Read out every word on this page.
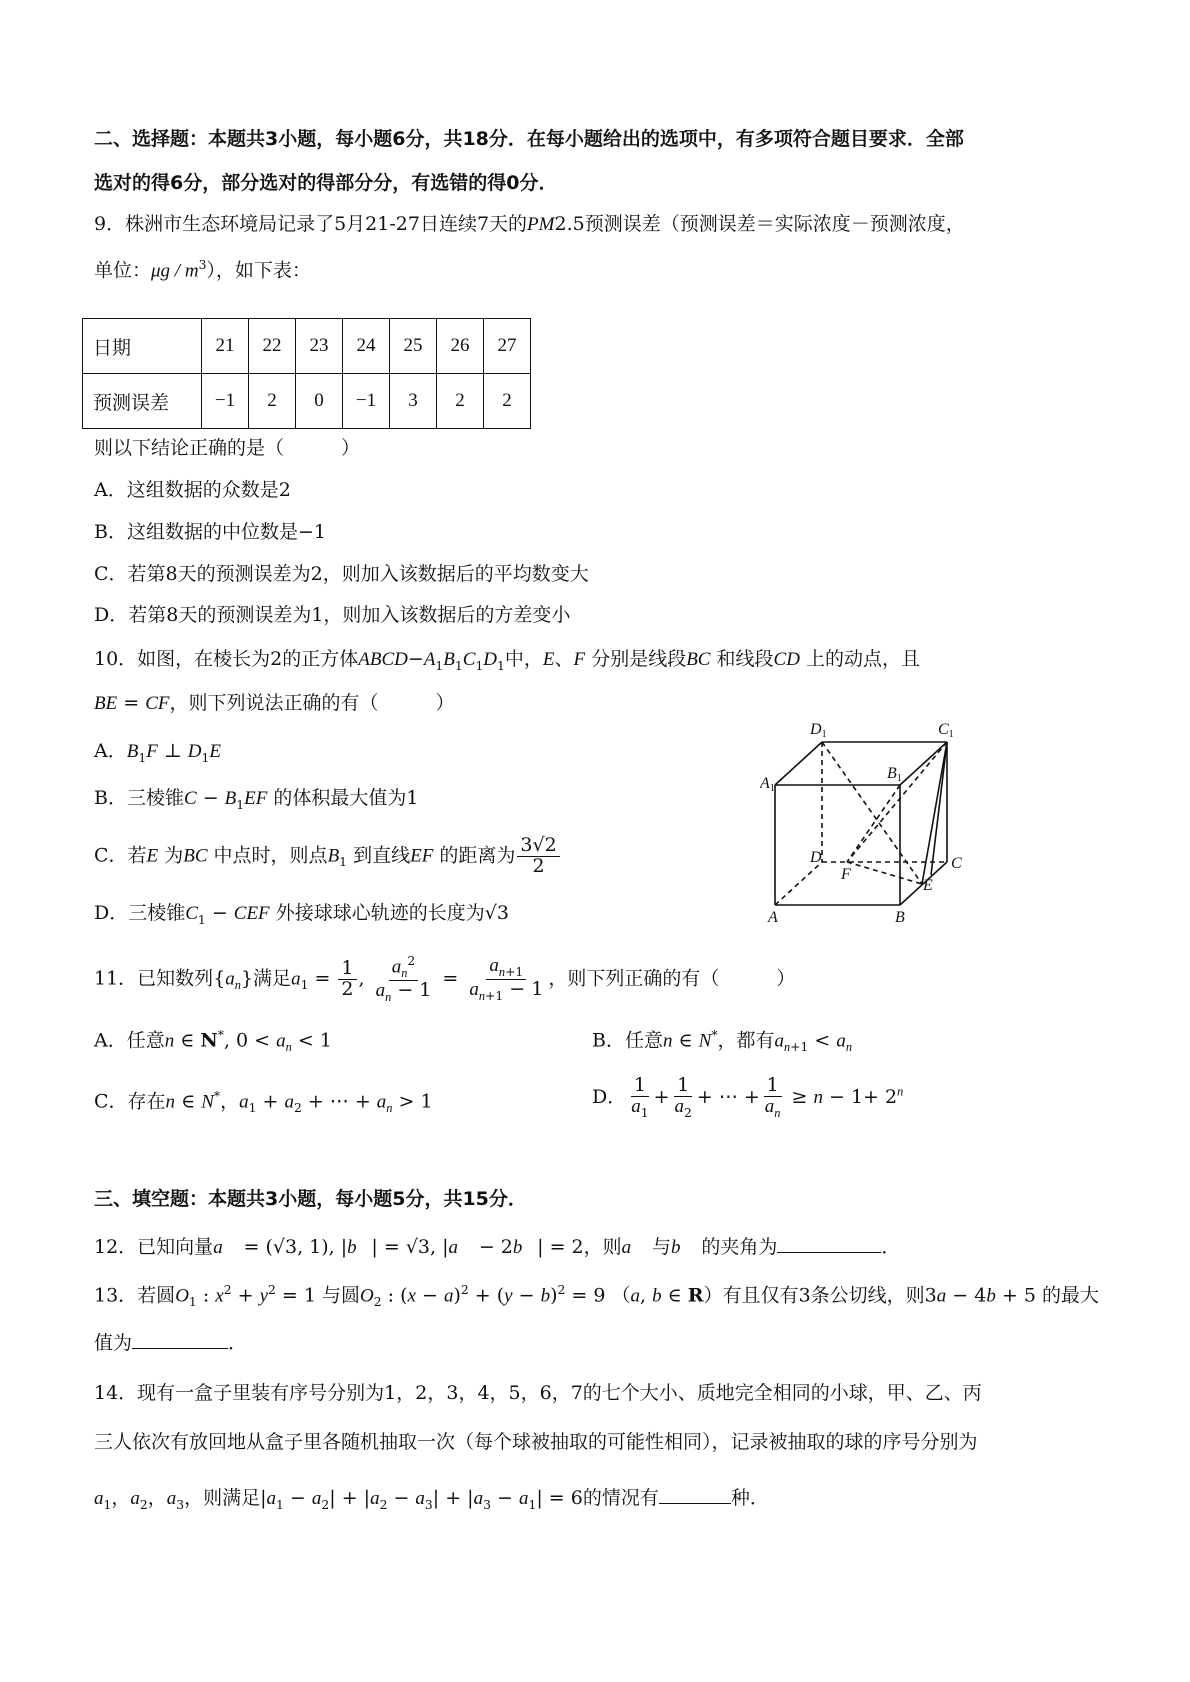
二、选择题：本题共3小题，每小题6分，共18分．在每小题给出的选项中，有多项符合题目要求．全部
选对的得6分，部分选对的得部分分，有选错的得0分．
9．株洲市生态环境局记录了5月21-27日连续7天的PM2.5预测误差（预测误差＝实际浓度－预测浓度，
单位：μg / $m^3$），如下表：
日期	21	22	23	24	25	26	27
预测误差	−1	2	0	−1	3	2	2
则以下结论正确的是（　　　）
A．这组数据的众数是2
B．这组数据的中位数是−1
C．若第8天的预测误差为2，则加入该数据后的平均数变大
D．若第8天的预测误差为1，则加入该数据后的方差变小
10．如图，在棱长为2的正方体$ABCD-A_1B_1C_1D_1$中，E、F 分别是线段BC 和线段CD 上的动点，且
BE = CF，则下列说法正确的有（　　　）
A．$B_1F$ ⊥ $D_1E$
B．三棱锥$C - B_1EF$ 的体积最大值为1
C．若E 为BC 中点时，则点$B_1$ 到直线EF 的距离为 $\frac{3√2}{2}$
D．三棱锥$C_1$ − CEF 外接球球心轨迹的长度为√3
A1
D1	C1
B1
D
F
C
E
A	B
11．已知数列$\{a_n\}$满足$a_1 = \frac{1}{2}$ , $\frac{a_n^2}{a_n - 1} = \frac{a_{n+1}}{a_{n+1} - 1}$ ，则下列正确的有（　　　）
A．任意n ∈ N*, $0 < a_n < 1$	B．任意n ∈ N*，都有$a_{n+1} < a_n$
C．存在n ∈ N*，$a_1 + a_2$ + ⋯ + $a_n > 1$	D． $\frac{1}{a_1} + \frac{1}{a_2}$ + ⋯ + $\frac{1}{a_n} \ge n - 1+ 2^n$
三、填空题：本题共3小题，每小题5分，共15分．
12．已知向量a⃗ = (√3, 1), |b⃗| = √3, |a⃗ − 2b⃗| = 2，则a⃗ 与b⃗ 的夹角为	．
13．若圆$O_1$ : $x^2 + y^2 = 1$ 与圆$O_2$ : $(x - a)^2 + (y - b)^2 = 9$ （a, b ∈ R）有且仅有3条公切线，则3a − 4b + 5 的最大
值为	．
14．现有一盒子里装有序号分别为1，2，3，4，5，6，7的七个大小、质地完全相同的小球，甲、乙、丙
三人依次有放回地从盒子里各随机抽取一次（每个球被抽取的可能性相同），记录被抽取的球的序号分别为
$a_1$，$a_2$，$a_3$，则满足$|a_1 - a_2| + |a_2 - a_3| + |a_3 - a_1| = 6$的情况有	种．
